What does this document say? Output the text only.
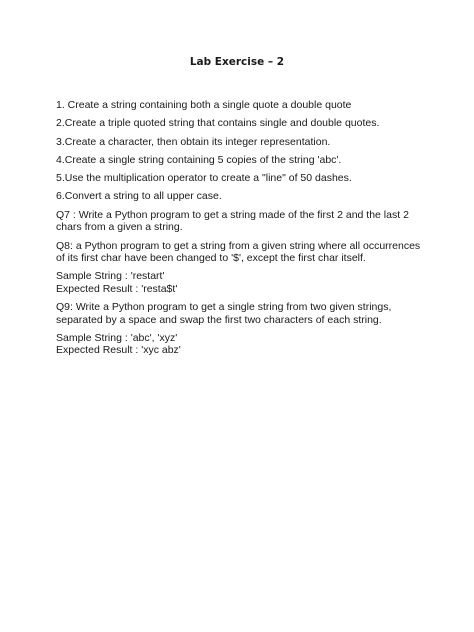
Lab Exercise – 2

1. Create a string containing both a single quote a double quote

2.Create a triple quoted string that contains single and double quotes.

3.Create a character, then obtain its integer representation.

4.Create a single string containing 5 copies of the string 'abc'.

5.Use the multiplication operator to create a "line" of 50 dashes.

6.Convert a string to all upper case.

Q7 : Write a Python program to get a string made of the first 2 and the last 2 chars from a given a string.

Q8: a Python program to get a string from a given string where all occurrences of its first char have been changed to '$', except the first char itself.

Sample String : 'restart'

Expected Result : 'resta$t'

Q9: Write a Python program to get a single string from two given strings, separated by a space and swap the first two characters of each string.

Sample String : 'abc', 'xyz'

Expected Result : 'xyc abz'
